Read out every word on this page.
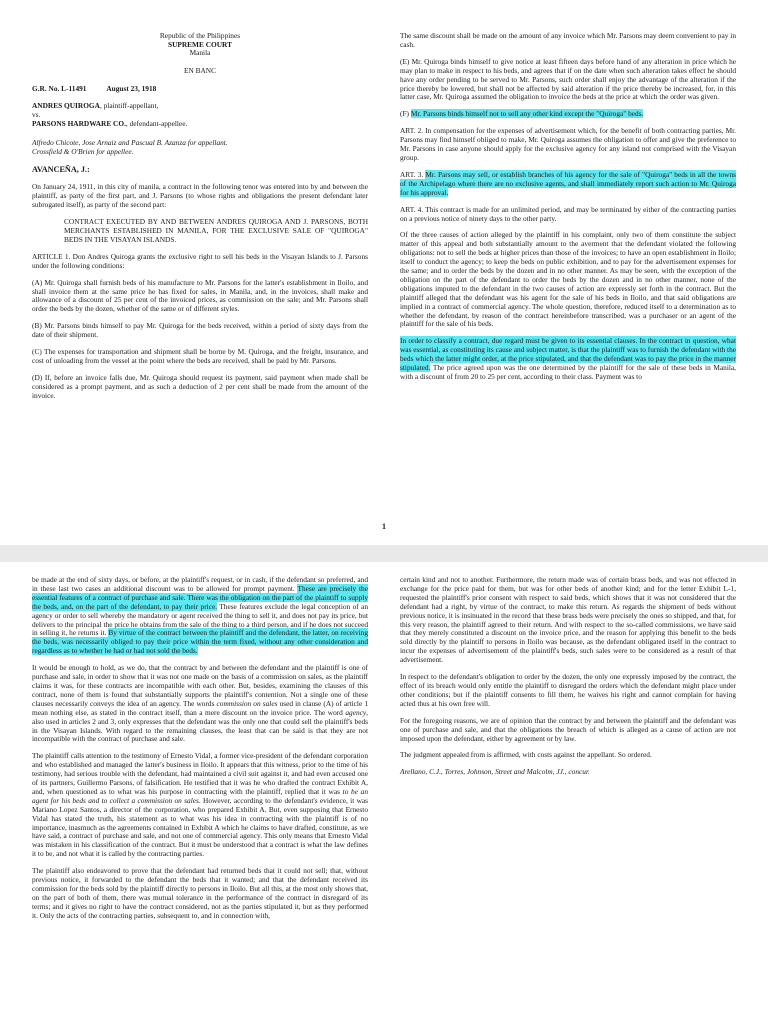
Republic of the Philippines
SUPREME COURT
Manila
EN BANC

G.R. No. L-11491	August 23, 1918

ANDRES QUIROGA, plaintiff-appellant,
vs.
PARSONS HARDWARE CO., defendant-appellee.
Alfredo Chicote, Jose Arnaiz and Pascual B. Azanza for appellant.
Crossfield & O'Brien for appellee.

AVANCEÑA, J.:

On January 24, 1911, in this city of manila, a contract in the following tenor was entered into by and between the plaintiff, as party of the first part, and J. Parsons (to whose rights and obligations the present defendant later subrogated itself), as party of the second part:

CONTRACT EXECUTED BY AND BETWEEN ANDRES QUIROGA AND J. PARSONS, BOTH MERCHANTS ESTABLISHED IN MANILA, FOR THE EXCLUSIVE SALE OF "QUIROGA" BEDS IN THE VISAYAN ISLANDS.

ARTICLE 1. Don Andres Quiroga grants the exclusive right to sell his beds in the Visayan Islands to J. Parsons under the following conditions:

(A) Mr. Quiroga shall furnish beds of his manufacture to Mr. Parsons for the latter's establishment in Iloilo, and shall invoice them at the same price he has fixed for sales, in Manila, and, in the invoices, shall make and allowance of a discount of 25 per cent of the invoiced prices, as commission on the sale; and Mr. Parsons shall order the beds by the dozen, whether of the same or of different styles.

(B) Mr. Parsons binds himself to pay Mr. Quiroga for the beds received, within a period of sixty days from the date of their shipment.

(C) The expenses for transportation and shipment shall be borne by M. Quiroga, and the freight, insurance, and cost of unloading from the vessel at the point where the beds are received, shall be paid by Mr. Parsons.

(D) If, before an invoice falls due, Mr. Quiroga should request its payment, said payment when made shall be considered as a prompt payment, and as such a deduction of 2 per cent shall be made from the amount of the invoice.

The same discount shall be made on the amount of any invoice which Mr. Parsons may deem convenient to pay in cash.

(E) Mr. Quiroga binds himself to give notice at least fifteen days before hand of any alteration in price which he may plan to make in respect to his beds, and agrees that if on the date when such alteration takes effect he should have any order pending to be served to Mr. Parsons, such order shall enjoy the advantage of the alteration if the price thereby be lowered, but shall not be affected by said alteration if the price thereby be increased, for, in this latter case, Mr. Quiroga assumed the obligation to invoice the beds at the price at which the order was given.

(F) Mr. Parsons binds himself not to sell any other kind except the "Quiroga" beds.

ART. 2. In compensation for the expenses of advertisement which, for the benefit of both contracting parties, Mr. Parsons may find himself obliged to make, Mr. Quiroga assumes the obligation to offer and give the preference to Mr. Parsons in case anyone should apply for the exclusive agency for any island not comprised with the Visayan group.

ART. 3. Mr. Parsons may sell, or establish branches of his agency for the sale of "Quiroga" beds in all the towns of the Archipelago where there are no exclusive agents, and shall immediately report such action to Mr. Quiroga for his approval.

ART. 4. This contract is made for an unlimited period, and may be terminated by either of the contracting parties on a previous notice of ninety days to the other party.

Of the three causes of action alleged by the plaintiff in his complaint, only two of them constitute the subject matter of this appeal and both substantially amount to the averment that the defendant violated the following obligations: not to sell the beds at higher prices than those of the invoices; to have an open establishment in Iloilo; itself to conduct the agency; to keep the beds on public exhibition, and to pay for the advertisement expenses for the same; and to order the beds by the dozen and in no other manner. As may be seen, with the exception of the obligation on the part of the defendant to order the beds by the dozen and in no other manner, none of the obligations imputed to the defendant in the two causes of action are expressly set forth in the contract. But the plaintiff alleged that the defendant was his agent for the sale of his beds in Iloilo, and that said obligations are implied in a contract of commercial agency. The whole question, therefore, reduced itself to a determination as to whether the defendant, by reason of the contract hereinbefore transcribed, was a purchaser or an agent of the plaintiff for the sale of his beds.

In order to classify a contract, due regard must be given to its essential clauses. In the contract in question, what was essential, as constituting its cause and subject matter, is that the plaintiff was to furnish the defendant with the beds which the latter might order, at the price stipulated, and that the defendant was to pay the price in the manner stipulated. The price agreed upon was the one determined by the plaintiff for the sale of these beds in Manila, with a discount of from 20 to 25 per cent, according to their class. Payment was to

1

be made at the end of sixty days, or before, at the plaintiff's request, or in cash, if the defendant so preferred, and in these last two cases an additional discount was to be allowed for prompt payment. These are precisely the essential features of a contract of purchase and sale. There was the obligation on the part of the plaintiff to supply the beds, and, on the part of the defendant, to pay their price. These features exclude the legal conception of an agency or order to sell whereby the mandatory or agent received the thing to sell it, and does not pay its price, but delivers to the principal the price he obtains from the sale of the thing to a third person, and if he does not succeed in selling it, he returns it. By virtue of the contract between the plaintiff and the defendant, the latter, on receiving the beds, was necessarily obliged to pay their price within the term fixed, without any other consideration and regardless as to whether he had or had not sold the beds.

It would be enough to hold, as we do, that the contract by and between the defendant and the plaintiff is one of purchase and sale, in order to show that it was not one made on the basis of a commission on sales, as the plaintiff claims it was, for these contracts are incompatible with each other. But, besides, examining the clauses of this contract, none of them is found that substantially supports the plaintiff's contention. Not a single one of these clauses necessarily conveys the idea of an agency. The words commission on sales used in clause (A) of article 1 mean nothing else, as stated in the contract itself, than a mere discount on the invoice price. The word agency, also used in articles 2 and 3, only expresses that the defendant was the only one that could sell the plaintiff's beds in the Visayan Islands. With regard to the remaining clauses, the least that can be said is that they are not incompatible with the contract of purchase and sale.

The plaintiff calls attention to the testimony of Ernesto Vidal, a former vice-president of the defendant corporation and who established and managed the latter's business in Iloilo. It appears that this witness, prior to the time of his testimony, had serious trouble with the defendant, had maintained a civil suit against it, and had even accused one of its partners, Guillermo Parsons, of falsification. He testified that it was he who drafted the contract Exhibit A, and, when questioned as to what was his purpose in contracting with the plaintiff, replied that it was to be an agent for his beds and to collect a commission on sales. However, according to the defendant's evidence, it was Mariano Lopez Santos, a director of the corporation, who prepared Exhibit A. But, even supposing that Ernesto Vidal has stated the truth, his statement as to what was his idea in contracting with the plaintiff is of no importance, inasmuch as the agreements contained in Exhibit A which he claims to have drafted, constitute, as we have said, a contract of purchase and sale, and not one of commercial agency. This only means that Ernesto Vidal was mistaken in his classification of the contract. But it must be understood that a contract is what the law defines it to be, and not what it is called by the contracting parties.

The plaintiff also endeavored to prove that the defendant had returned beds that it could not sell; that, without previous notice, it forwarded to the defendant the beds that it wanted; and that the defendant received its commission for the beds sold by the plaintiff directly to persons in Iloilo. But all this, at the most only shows that, on the part of both of them, there was mutual tolerance in the performance of the contract in disregard of its terms; and it gives no right to have the contract considered, not as the parties stipulated it, but as they performed it. Only the acts of the contracting parties, subsequent to, and in connection with,

certain kind and not to another. Furthermore, the return made was of certain brass beds, and was not effected in exchange for the price paid for them, but was for other beds of another kind; and for the letter Exhibit L-1, requested the plaintiff's prior consent with respect to said beds, which shows that it was not considered that the defendant had a right, by virtue of the contract, to make this return. As regards the shipment of beds without previous notice, it is insinuated in the record that these brass beds were precisely the ones so shipped, and that, for this very reason, the plaintiff agreed to their return. And with respect to the so-called commissions, we have said that they merely constituted a discount on the invoice price, and the reason for applying this benefit to the beds sold directly by the plaintiff to persons in Iloilo was because, as the defendant obligated itself in the contract to incur the expenses of advertisement of the plaintiff's beds, such sales were to be considered as a result of that advertisement.

In respect to the defendant's obligation to order by the dozen, the only one expressly imposed by the contract, the effect of its breach would only entitle the plaintiff to disregard the orders which the defendant might place under other conditions; but if the plaintiff consents to fill them, he waives his right and cannot complain for having acted thus at his own free will.

For the foregoing reasons, we are of opinion that the contract by and between the plaintiff and the defendant was one of purchase and sale, and that the obligations the breach of which is alleged as a cause of action are not imposed upon the defendant, either by agreement or by law.

The judgment appealed from is affirmed, with costs against the appellant. So ordered.

Arellano, C.J., Torres, Johnson, Street and Malcolm, JJ., concur.
